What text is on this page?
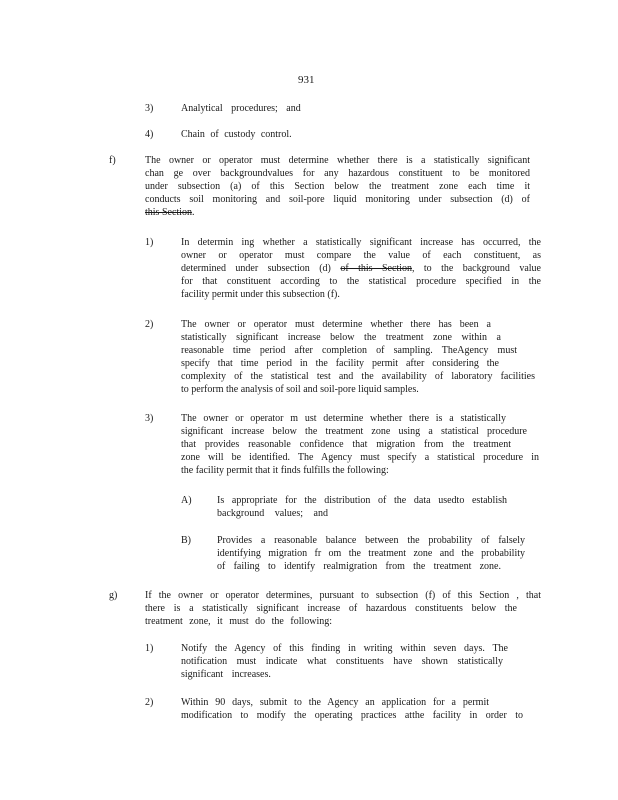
931
3)	Analytical procedures; and
4)	Chain of custody control.
f)	The owner or operator must determine whether there is a statistically significant
chan ge over backgroundvalues for any hazardous constituent to be monitored
under subsection (a) of this Section below the treatment zone each time it
conducts soil monitoring and soil-pore liquid monitoring under subsection (d) of
this Section.
1)	In determin ing whether a statistically significant increase has occurred, the
owner or operator must compare the value of each constituent, as
determined under subsection (d) of this Section, to the background value
for that constituent according to the statistical procedure specified in the
facility permit under this subsection (f).
2)	The owner or operator must determine whether there has been a
statistically significant increase below the treatment zone within a
reasonable time period after completion of sampling. TheAgency must
specify that time period in the facility permit after considering the
complexity of the statistical test and the availability of laboratory facilities
to perform the analysis of soil and soil-pore liquid samples.
3)	The owner or operator m ust determine whether there is a statistically
significant increase below the treatment zone using a statistical procedure
that provides reasonable confidence that migration from the treatment
zone will be identified. The Agency must specify a statistical procedure in
the facility permit that it finds fulfills the following:
A)	Is appropriate for the distribution of the data usedto establish
background values; and
B)	Provides a reasonable balance between the probability of falsely
identifying migration fr om the treatment zone and the probability
of failing to identify realmigration from the treatment zone.
g)	If the owner or operator determines, pursuant to subsection (f) of this Section , that
there is a statistically significant increase of hazardous constituents below the
treatment zone, it must do the following:
1)	Notify the Agency of this finding in writing within seven days. The
notification must indicate what constituents have shown statistically
significant increases.
2)	Within 90 days, submit to the Agency an application for a permit
modification to modify the operating practices atthe facility in order to
